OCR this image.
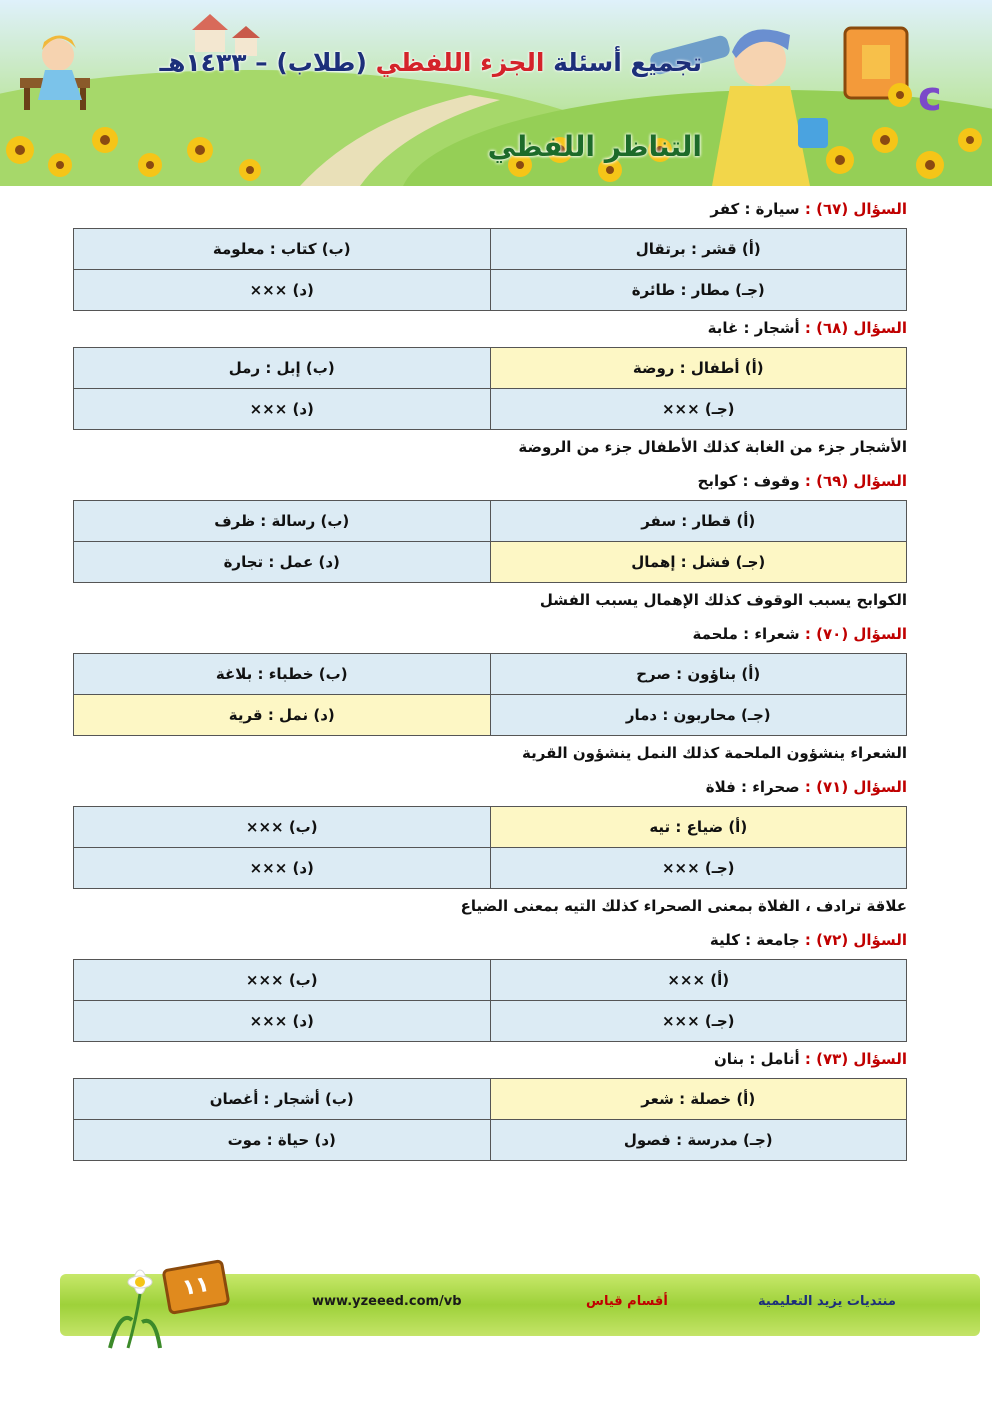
c
تجميع أسئلة الجزء اللفظي (طلاب) – ١٤٣٣هـ
التناظر اللفظي
السؤال (٦٧) : سيارة : كفر
(أ) قشر : برتقال	(ب) كتاب : معلومة
(جـ) مطار : طائرة	(د) ×××
السؤال (٦٨) : أشجار : غابة
(أ) أطفال : روضة	(ب) إبل : رمل
(جـ) ×××	(د) ×××
الأشجار جزء من الغابة كذلك الأطفال جزء من الروضة
السؤال (٦٩) : وقوف : كوابح
(أ) قطار : سفر	(ب) رسالة : ظرف
(جـ) فشل : إهمال	(د) عمل : تجارة
الكوابح يسبب الوقوف كذلك الإهمال يسبب الفشل
السؤال (٧٠) : شعراء : ملحمة
(أ) بناؤون : صرح	(ب) خطباء : بلاغة
(جـ) محاربون : دمار	(د) نمل : قرية
الشعراء ينشؤون الملحمة كذلك النمل ينشؤون القرية
السؤال (٧١) : صحراء : فلاة
(أ) ضياع : تيه	(ب) ×××
(جـ) ×××	(د) ×××
علاقة ترادف ، الفلاة بمعنى الصحراء كذلك التيه بمعنى الضياع
السؤال (٧٢) : جامعة : كلية
(أ) ×××	(ب) ×××
(جـ) ×××	(د) ×××
السؤال (٧٣) : أنامل : بنان
(أ) خصلة : شعر	(ب) أشجار : أغصان
(جـ) مدرسة : فصول	(د) حياة : موت
١١
www.yzeeed.com/vb	أقسام قياس	منتديات يزيد التعليمية
